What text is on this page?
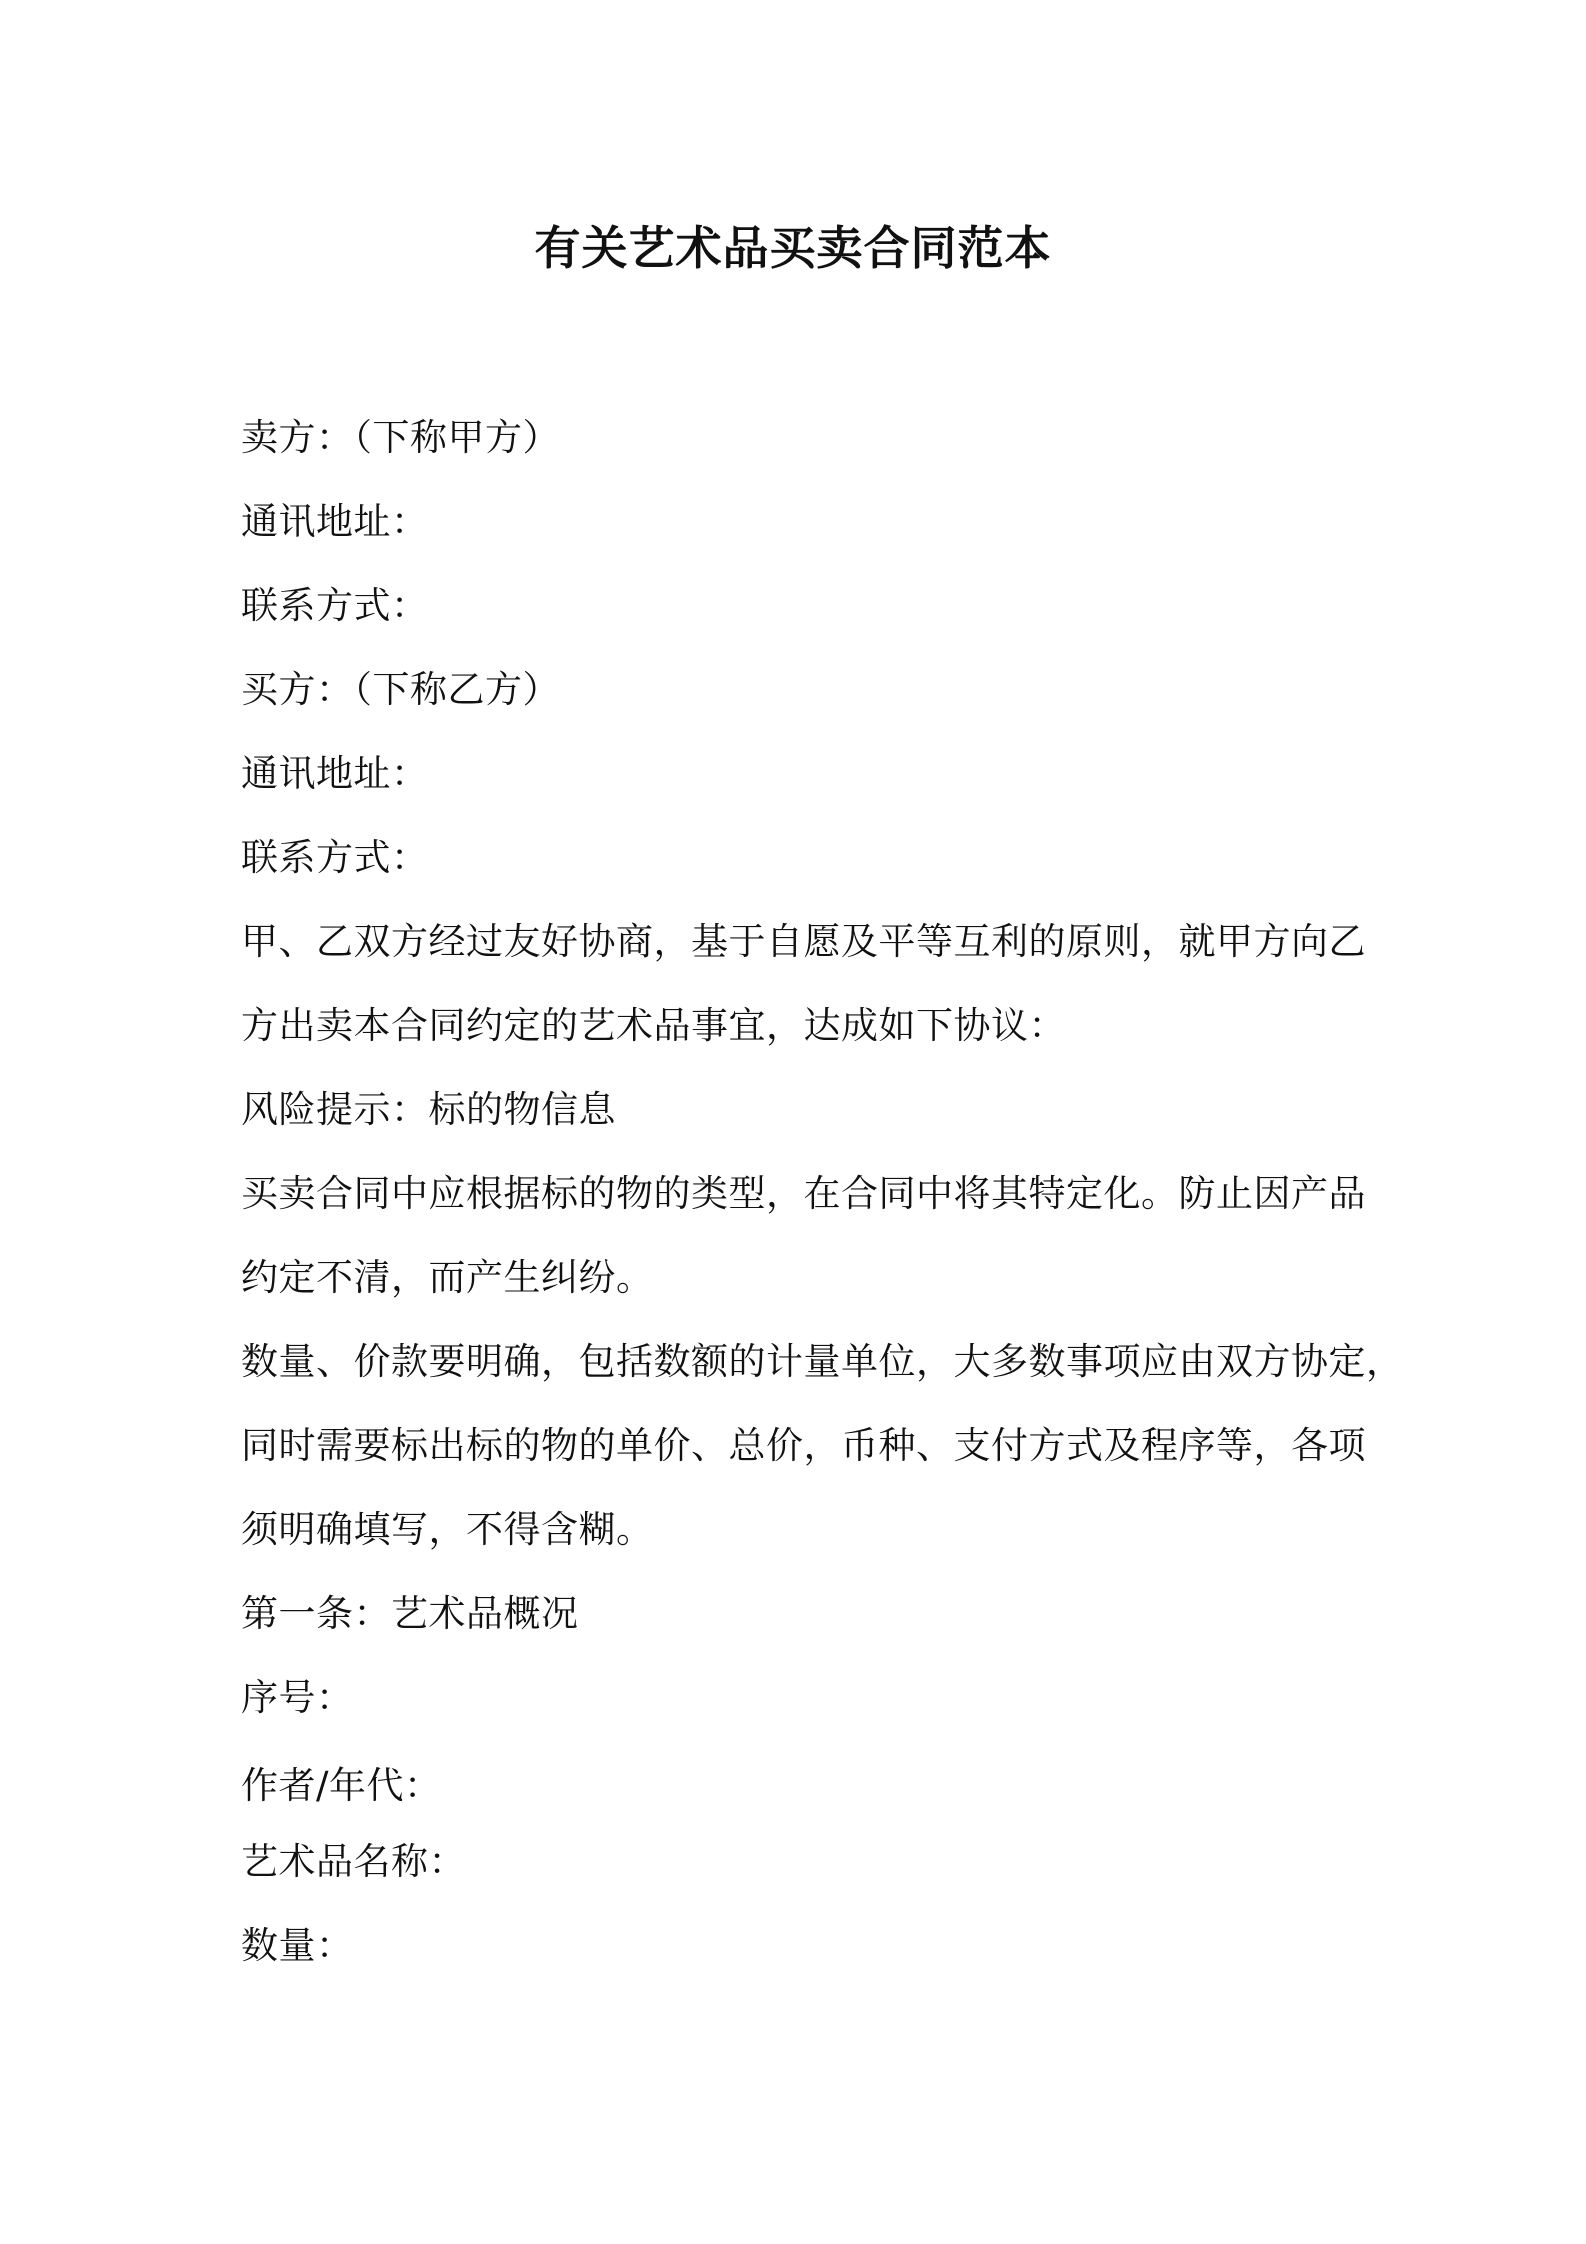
有关艺术品买卖合同范本

卖方：（下称甲方）

通讯地址：

联系方式：

买方：（下称乙方）

通讯地址：

联系方式：

甲、乙双方经过友好协商，基于自愿及平等互利的原则，就甲方向乙

方出卖本合同约定的艺术品事宜，达成如下协议：

风险提示：标的物信息

买卖合同中应根据标的物的类型，在合同中将其特定化。防止因产品

约定不清，而产生纠纷。

数量、价款要明确，包括数额的计量单位，大多数事项应由双方协定，

同时需要标出标的物的单价、总价，币种、支付方式及程序等，各项

须明确填写，不得含糊。

第一条：艺术品概况

序号：

作者/年代：

艺术品名称：

数量：
